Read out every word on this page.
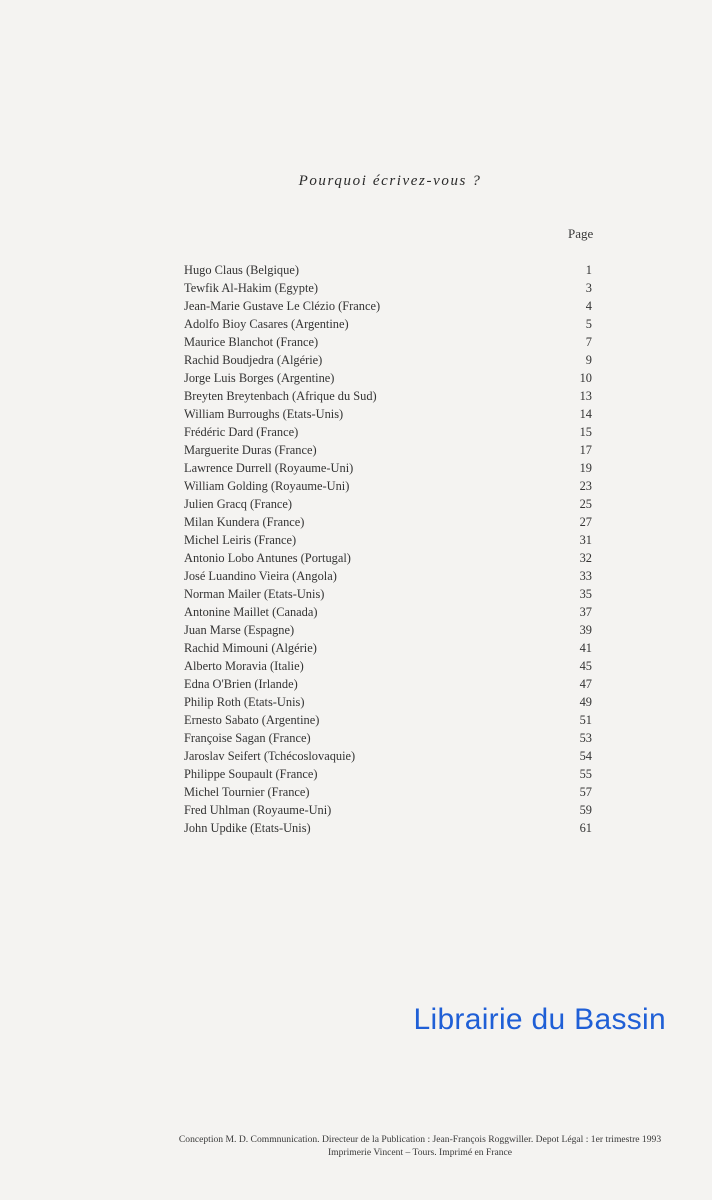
Pourquoi écrivez-vous ?
Page
Hugo Claus (Belgique)	1
Tewfik Al-Hakim (Egypte)	3
Jean-Marie Gustave Le Clézio (France)	4
Adolfo Bioy Casares (Argentine)	5
Maurice Blanchot (France)	7
Rachid Boudjedra (Algérie)	9
Jorge Luis Borges (Argentine)	10
Breyten Breytenbach (Afrique du Sud)	13
William Burroughs (Etats-Unis)	14
Frédéric Dard (France)	15
Marguerite Duras (France)	17
Lawrence Durrell (Royaume-Uni)	19
William Golding (Royaume-Uni)	23
Julien Gracq (France)	25
Milan Kundera (France)	27
Michel Leiris (France)	31
Antonio Lobo Antunes (Portugal)	32
José Luandino Vieira (Angola)	33
Norman Mailer (Etats-Unis)	35
Antonine Maillet (Canada)	37
Juan Marse (Espagne)	39
Rachid Mimouni (Algérie)	41
Alberto Moravia (Italie)	45
Edna O'Brien (Irlande)	47
Philip Roth (Etats-Unis)	49
Ernesto Sabato (Argentine)	51
Françoise Sagan (France)	53
Jaroslav Seifert (Tchécoslovaquie)	54
Philippe Soupault (France)	55
Michel Tournier (France)	57
Fred Uhlman (Royaume-Uni)	59
John Updike (Etats-Unis)	61
Librairie du Bassin
Conception M. D. Commnunication. Directeur de la Publication : Jean-François Roggwiller. Depot Légal : 1er trimestre 1993
Imprimerie Vincent – Tours. Imprimé en France
